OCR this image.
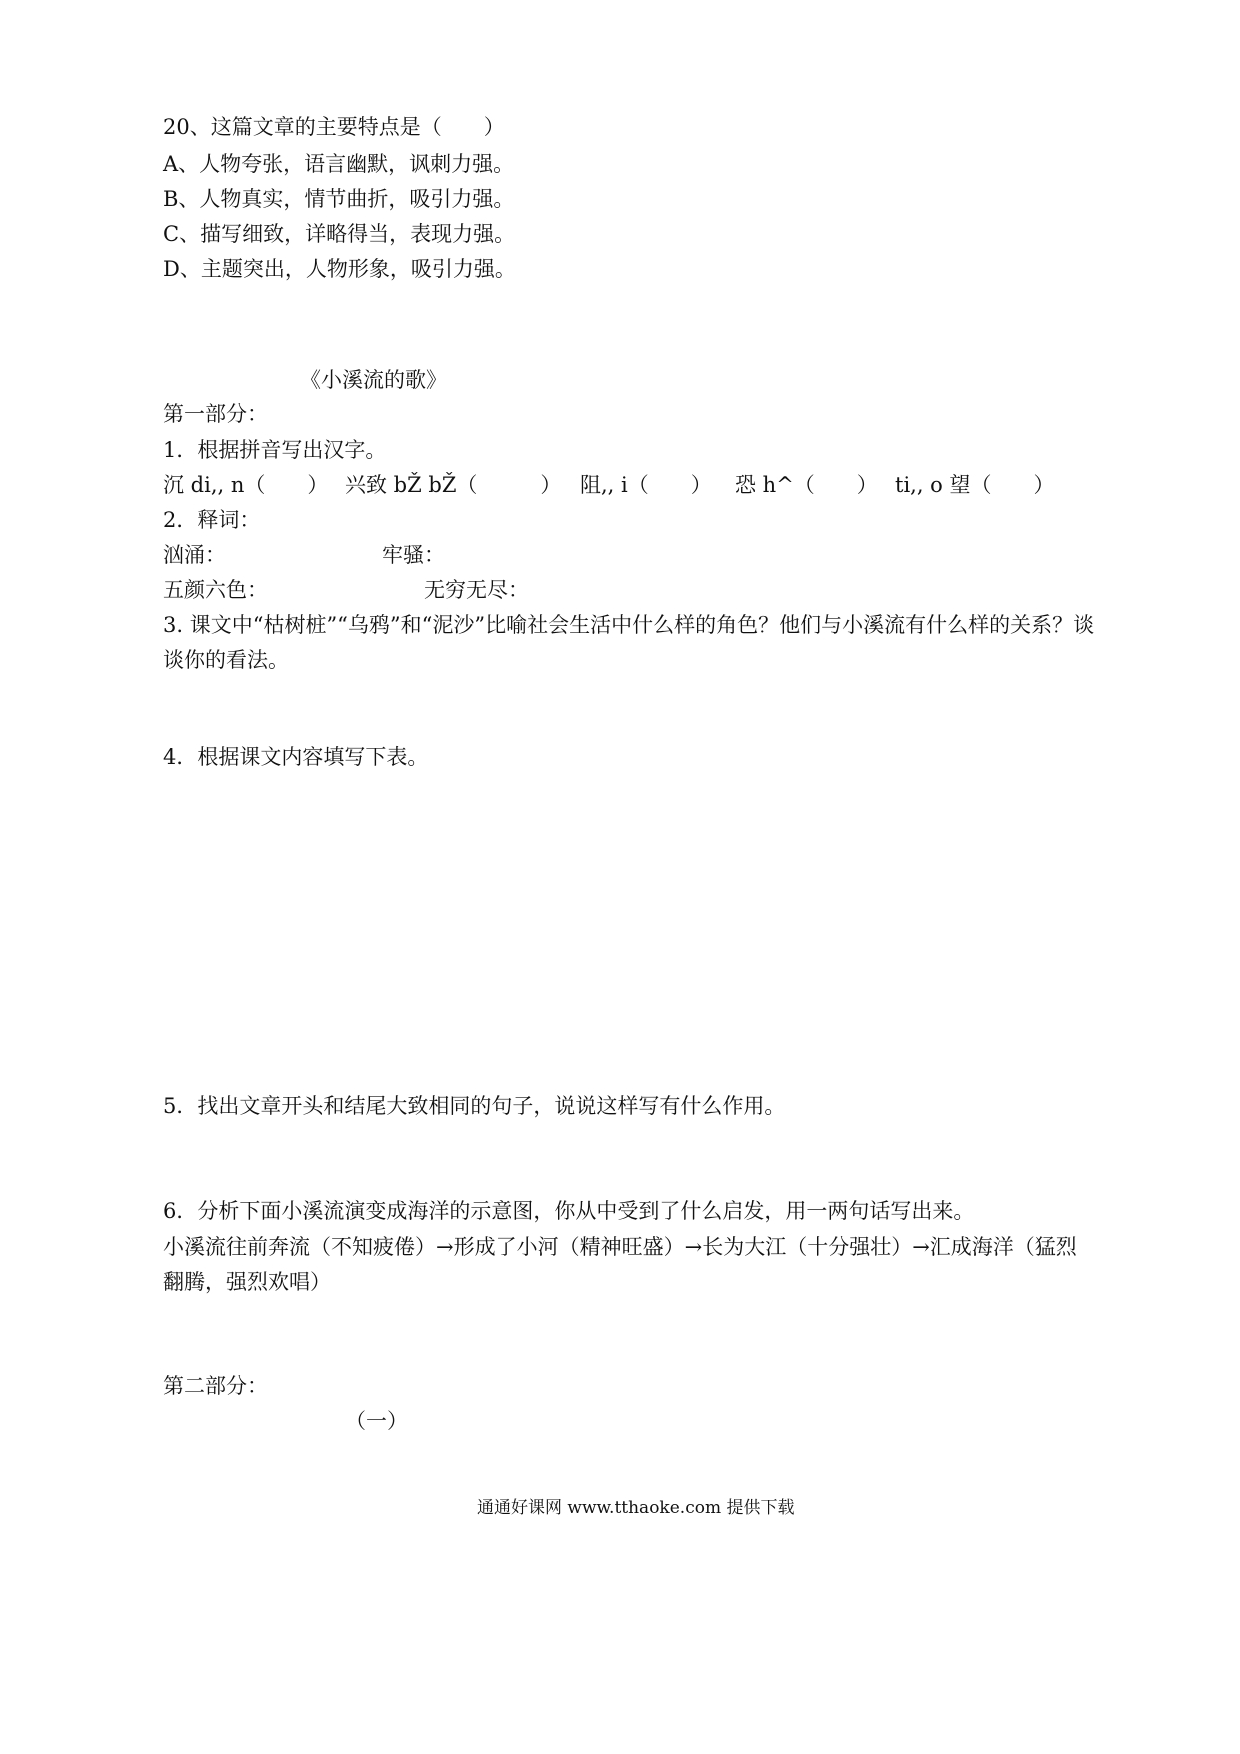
20、这篇文章的主要特点是（　　）

A、人物夸张，语言幽默，讽刺力强。

B、人物真实，情节曲折，吸引力强。

C、描写细致，详略得当，表现力强。

D、主题突出，人物形象，吸引力强。

《小溪流的歌》

第一部分：

1．根据拼音写出汉字。

沉 di,, n（　　） 兴致 bŽ bŽ（　　　） 阻,, i（　　） 恐 h^（　　） ti,, o 望（　　）

2．释词：

汹涌：	牢骚：

五颜六色：	无穷无尽：

3. 课文中“枯树桩”“乌鸦”和“泥沙”比喻社会生活中什么样的角色？他们与小溪流有什么样的关系？谈

谈你的看法。

4．根据课文内容填写下表。

5．找出文章开头和结尾大致相同的句子，说说这样写有什么作用。

6．分析下面小溪流演变成海洋的示意图，你从中受到了什么启发，用一两句话写出来。

小溪流往前奔流（不知疲倦）→形成了小河（精神旺盛）→长为大江（十分强壮）→汇成海洋（猛烈

翻腾，强烈欢唱）

第二部分：

（一）

通通好课网 www.tthaoke.com 提供下载
